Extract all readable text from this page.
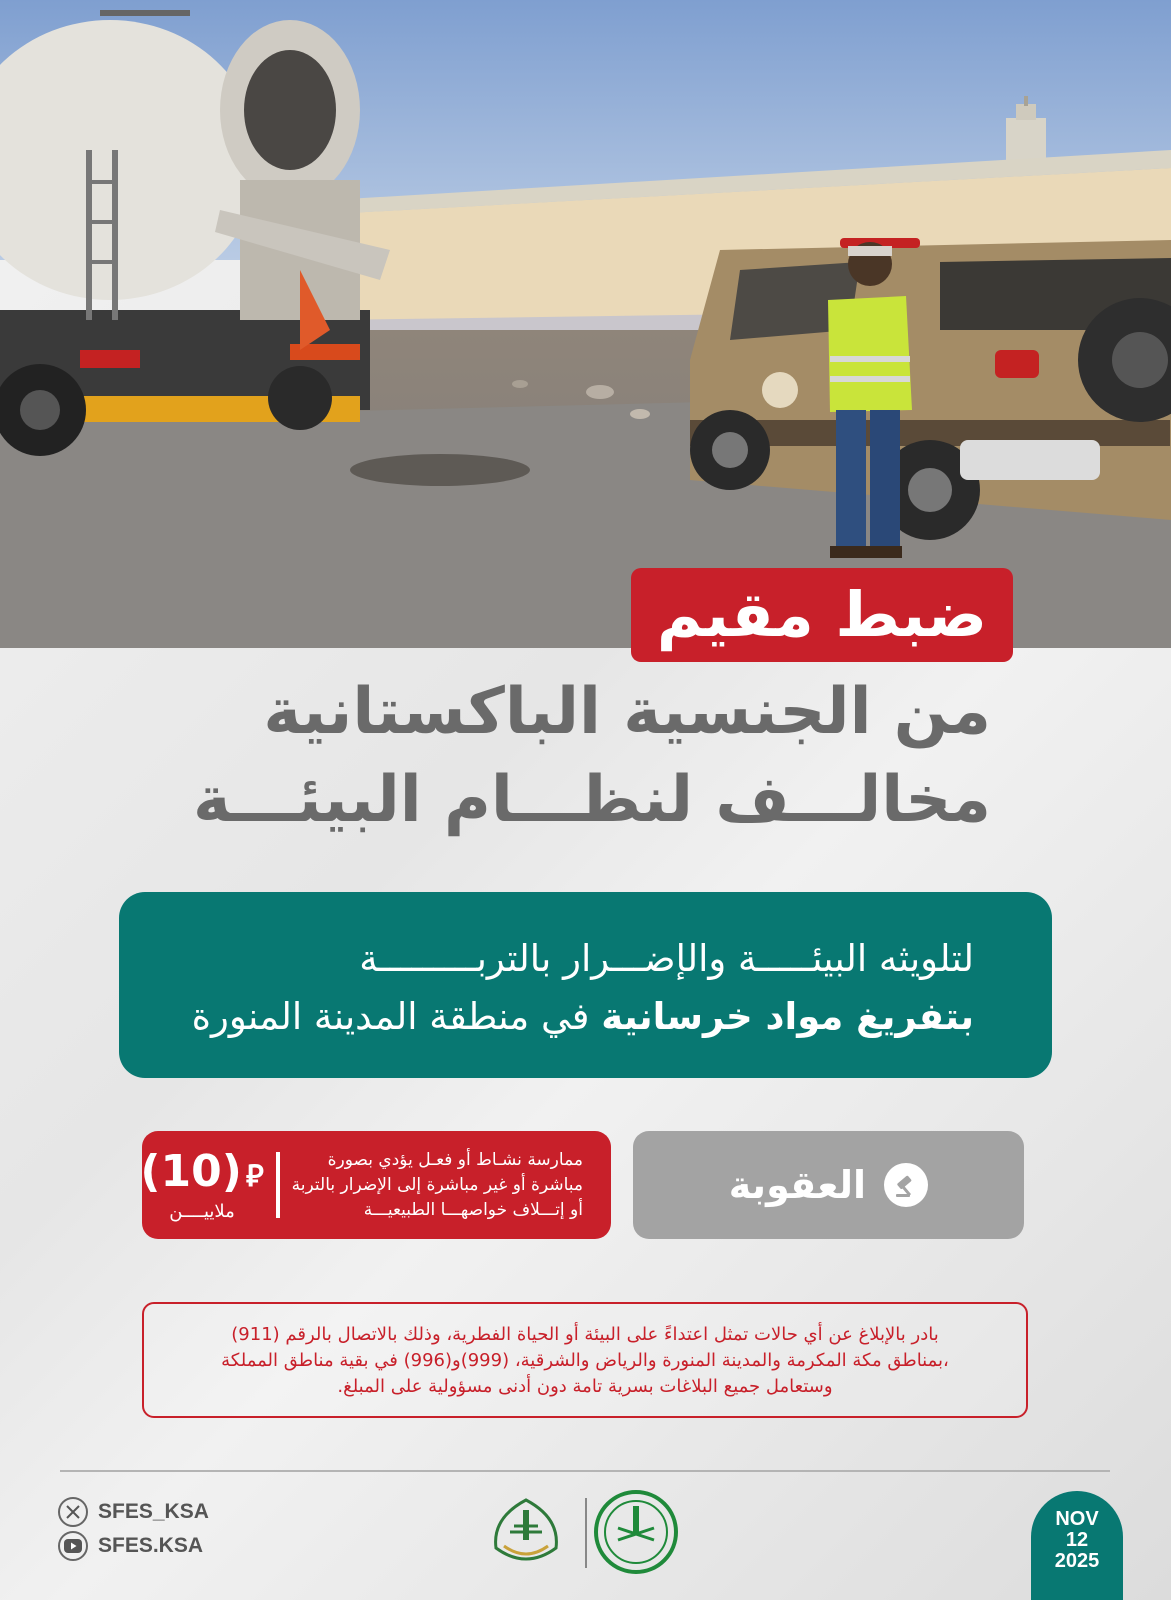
ضبط مقيم
من الجنسية الباكستانية
مخالـــف لنظـــام البيئـــة
لتلويثه البيئـــــة والإضـــرار بالتربـــــــــة
بتفريغ مواد خرسانية في منطقة المدينة المنورة
العقوبة
ممارسة نشـاط أو فعـل يؤدي بصورة
مباشرة أو غير مباشرة إلى الإضرار بالتربة
أو إتـــلاف خواصهـــا الطبيعيـــة
(10) ⃁
ملاييــــن
بادر بالإبلاغ عن أي حالات تمثل اعتداءً على البيئة أو الحياة الفطرية، وذلك بالاتصال بالرقم (911)
،بمناطق مكة المكرمة والمدينة المنورة والرياض والشرقية، (999)و(996) في بقية مناطق المملكة
وستعامل جميع البلاغات بسرية تامة دون أدنى مسؤولية على المبلغ.
SFES_KSA
SFES.KSA
NOV
12
2025
